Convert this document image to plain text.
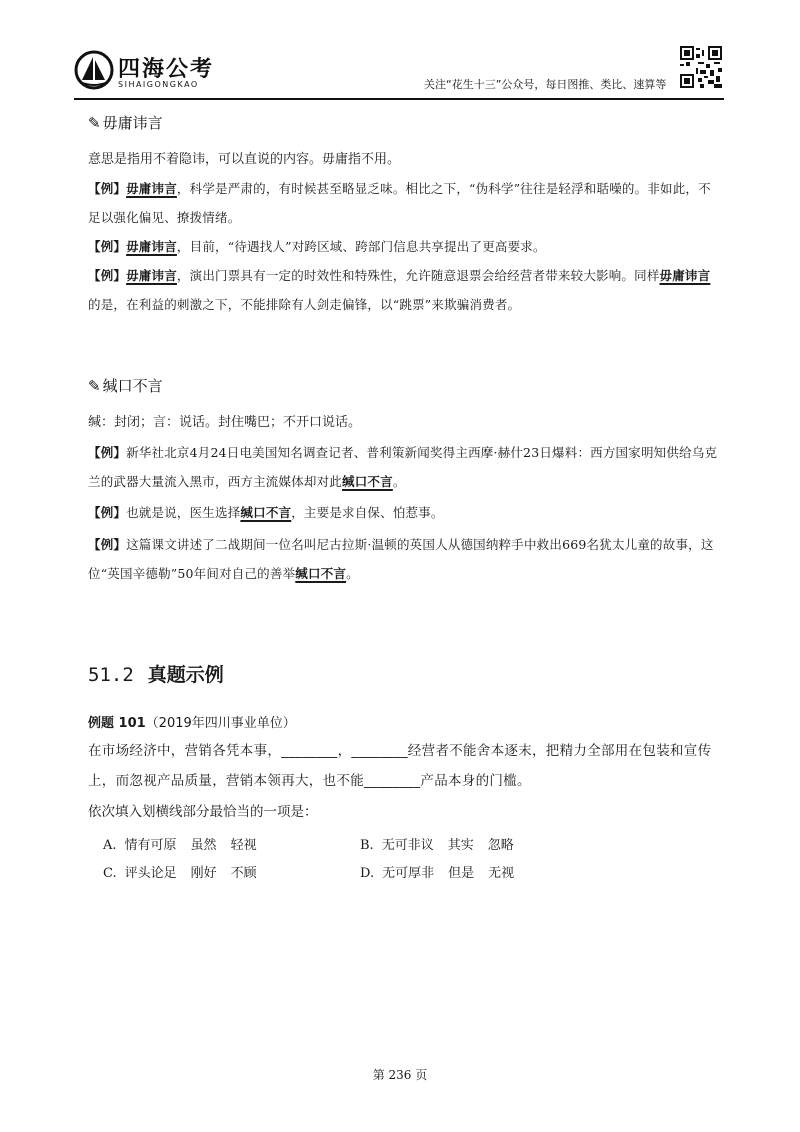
四海公考
SIHAIGONGKAO	关注“花生十三”公众号，每日图推、类比、速算等
✎ 毋庸讳言
意思是指用不着隐讳，可以直说的内容。毋庸指不用。
【例】毋庸讳言，科学是严肃的，有时候甚至略显乏味。相比之下，“伪科学”往往是轻浮和聒噪的。非如此，不足以强化偏见、撩拨情绪。
【例】毋庸讳言，目前，“待遇找人”对跨区域、跨部门信息共享提出了更高要求。
【例】毋庸讳言，演出门票具有一定的时效性和特殊性，允许随意退票会给经营者带来较大影响。同样毋庸讳言的是，在利益的刺激之下，不能排除有人剑走偏锋，以“跳票”来欺骗消费者。
✎ 缄口不言
缄：封闭；言：说话。封住嘴巴；不开口说话。
【例】新华社北京4月24日电美国知名调查记者、普利策新闻奖得主西摩·赫什23日爆料：西方国家明知供给乌克兰的武器大量流入黑市，西方主流媒体却对此缄口不言。
【例】也就是说，医生选择缄口不言，主要是求自保、怕惹事。
【例】这篇课文讲述了二战期间一位名叫尼古拉斯·温顿的英国人从德国纳粹手中救出669名犹太儿童的故事，这位“英国辛德勒”50年间对自己的善举缄口不言。
51.2 真题示例
例题 101（2019年四川事业单位）
在市场经济中，营销各凭本事，________，________经营者不能舍本逐末，把精力全部用在包装和宣传上，而忽视产品质量，营销本领再大，也不能________产品本身的门槛。
依次填入划横线部分最恰当的一项是：
A. 情有可原 虽然 轻视	B. 无可非议 其实 忽略
C. 评头论足 刚好 不顾	D. 无可厚非 但是 无视
第 236 页
